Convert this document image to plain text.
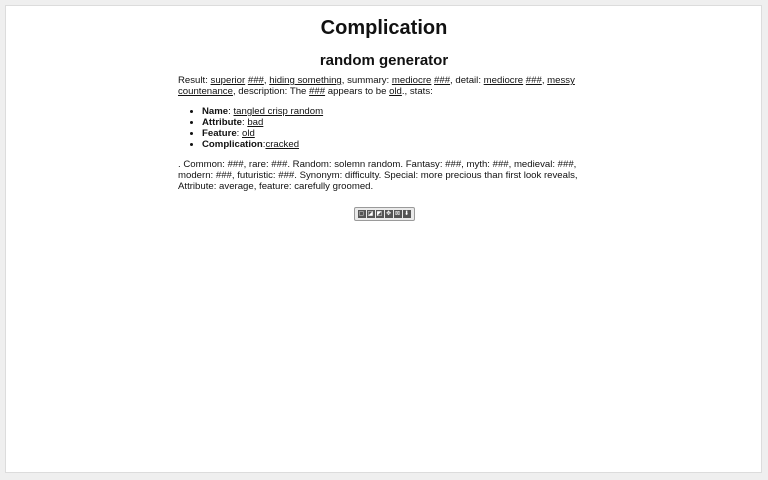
Complication
random generator

Result: superior ###, hiding something, summary: mediocre ###, detail: mediocre ###, messy countenance, description: The ### appears to be old., stats:

• Name: tangled crisp random
• Attribute: bad
• Feature: old
• Complication:cracked

. Common: ###, rare: ###. Random: solemn random. Fantasy: ###, myth: ###, medieval: ###, modern: ###, futuristic: ###. Synonym: difficulty. Special: more precious than first look reveals, Attribute: average, feature: carefully groomed.

▢ ◪ ◩ ✥ ⊠ ⬇
